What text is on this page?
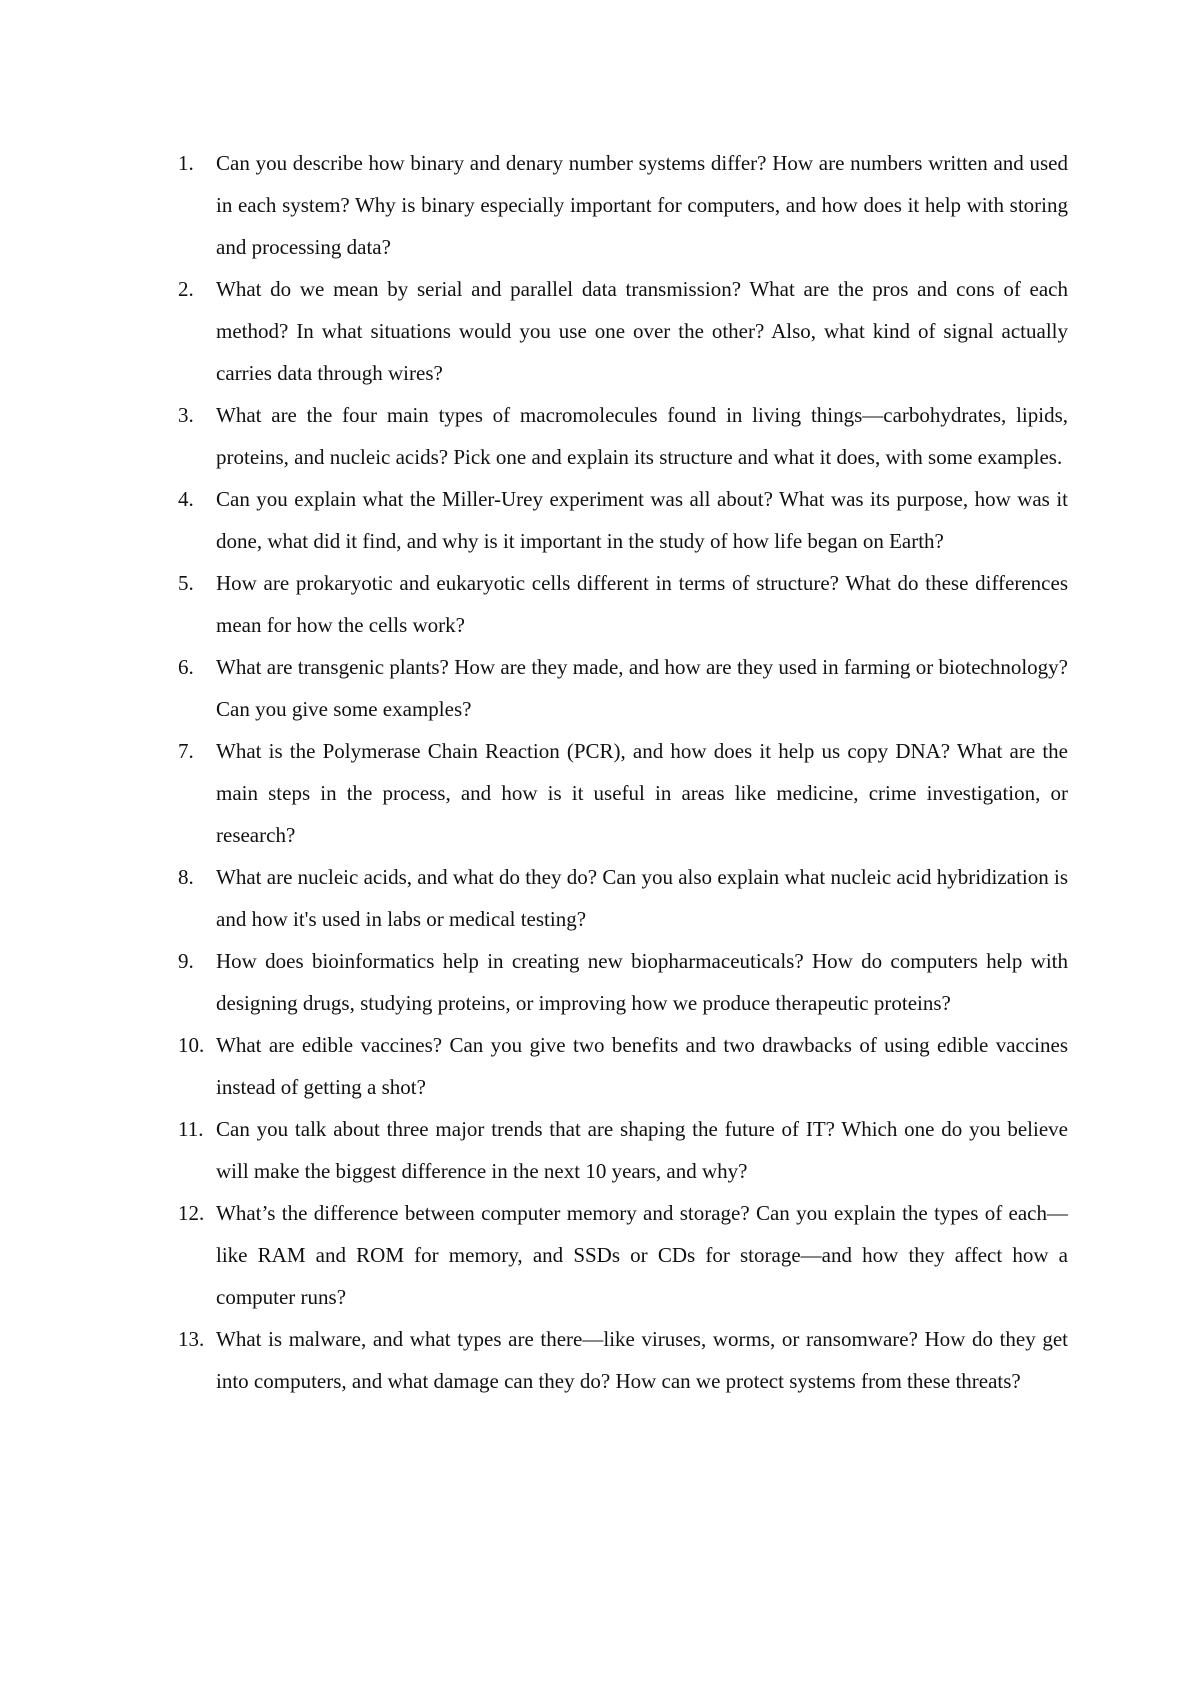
1.	Can you describe how binary and denary number systems differ? How are numbers written and used in each system? Why is binary especially important for computers, and how does it help with storing and processing data?
2.	What do we mean by serial and parallel data transmission? What are the pros and cons of each method? In what situations would you use one over the other? Also, what kind of signal actually carries data through wires?
3.	What are the four main types of macromolecules found in living things—carbohydrates, lipids, proteins, and nucleic acids? Pick one and explain its structure and what it does, with some examples.
4.	Can you explain what the Miller-Urey experiment was all about? What was its purpose, how was it done, what did it find, and why is it important in the study of how life began on Earth?
5.	How are prokaryotic and eukaryotic cells different in terms of structure? What do these differences mean for how the cells work?
6.	What are transgenic plants? How are they made, and how are they used in farming or biotechnology? Can you give some examples?
7.	What is the Polymerase Chain Reaction (PCR), and how does it help us copy DNA? What are the main steps in the process, and how is it useful in areas like medicine, crime investigation, or research?
8.	What are nucleic acids, and what do they do? Can you also explain what nucleic acid hybridization is and how it's used in labs or medical testing?
9.	How does bioinformatics help in creating new biopharmaceuticals? How do computers help with designing drugs, studying proteins, or improving how we produce therapeutic proteins?
10. What are edible vaccines? Can you give two benefits and two drawbacks of using edible vaccines instead of getting a shot?
11. Can you talk about three major trends that are shaping the future of IT? Which one do you believe will make the biggest difference in the next 10 years, and why?
12. What’s the difference between computer memory and storage? Can you explain the types of each—like RAM and ROM for memory, and SSDs or CDs for storage—and how they affect how a computer runs?
13. What is malware, and what types are there—like viruses, worms, or ransomware? How do they get into computers, and what damage can they do? How can we protect systems from these threats?
